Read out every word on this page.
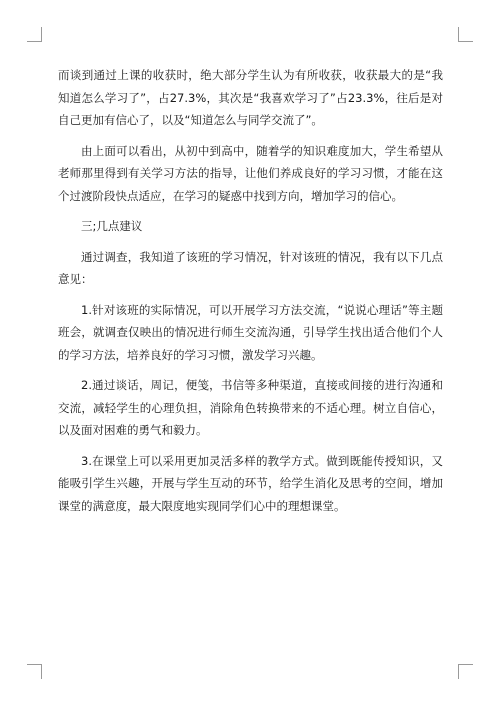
而谈到通过上课的收获时，绝大部分学生认为有所收获，收获最大的是“我知道怎么学习了”，占27.3%，其次是“我喜欢学习了”占23.3%，往后是对自己更加有信心了，以及“知道怎么与同学交流了”。

由上面可以看出，从初中到高中，随着学的知识难度加大，学生希望从老师那里得到有关学习方法的指导，让他们养成良好的学习习惯，才能在这个过渡阶段快点适应，在学习的疑惑中找到方向，增加学习的信心。

三;几点建议

通过调查，我知道了该班的学习情况，针对该班的情况，我有以下几点意见：

1.针对该班的实际情况，可以开展学习方法交流，“说说心理话”等主题班会，就调查仅映出的情况进行师生交流沟通，引导学生找出适合他们个人的学习方法，培养良好的学习习惯，激发学习兴趣。

2.通过谈话，周记，便笺，书信等多种渠道，直接或间接的进行沟通和交流，减轻学生的心理负担，消除角色转换带来的不适心理。树立自信心，以及面对困难的勇气和毅力。

3.在课堂上可以采用更加灵活多样的教学方式。做到既能传授知识，又能吸引学生兴趣，开展与学生互动的环节，给学生消化及思考的空间，增加课堂的满意度，最大限度地实现同学们心中的理想课堂。
